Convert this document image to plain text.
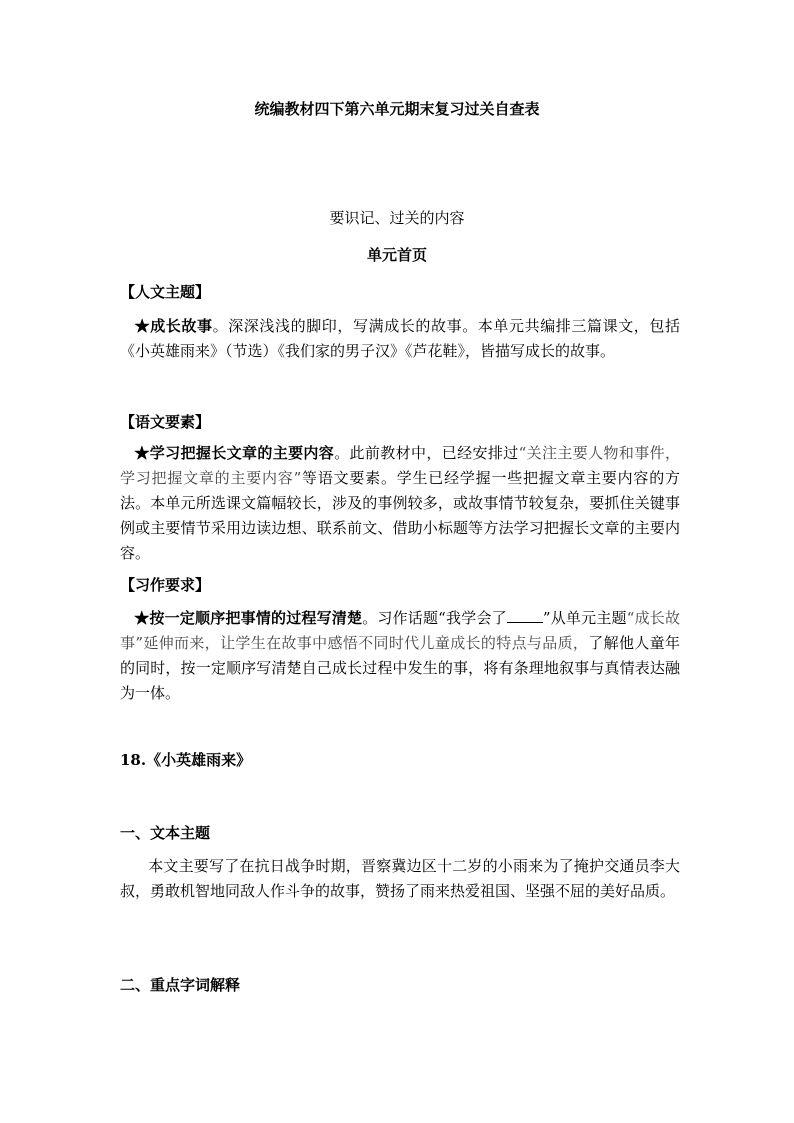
统编教材四下第六单元期末复习过关自查表
要识记、过关的内容
单元首页
【人文主题】
★成长故事。深深浅浅的脚印，写满成长的故事。本单元共编排三篇课文，包括《小英雄雨来》（节选）《我们家的男子汉》《芦花鞋》，皆描写成长的故事。
【语文要素】
★学习把握长文章的主要内容。此前教材中，已经安排过“关注主要人物和事件，学习把握文章的主要内容”等语文要素。学生已经学握一些把握文章主要内容的方法。本单元所选课文篇幅较长，涉及的事例较多，或故事情节较复杂，要抓住关键事例或主要情节采用边读边想、联系前文、借助小标题等方法学习把握长文章的主要内容。
【习作要求】
★按一定顺序把事情的过程写清楚。习作话题“我学会了 ”从单元主题“成长故事”延伸而来，让学生在故事中感悟不同时代儿童成长的特点与品质，了解他人童年的同时，按一定顺序写清楚自己成长过程中发生的事，将有条理地叙事与真情表达融为一体。
18.《小英雄雨来》
一、文本主题
本文主要写了在抗日战争时期，晋察冀边区十二岁的小雨来为了掩护交通员李大叔，勇敢机智地同敌人作斗争的故事，赞扬了雨来热爱祖国、坚强不屈的美好品质。
二、重点字词解释
